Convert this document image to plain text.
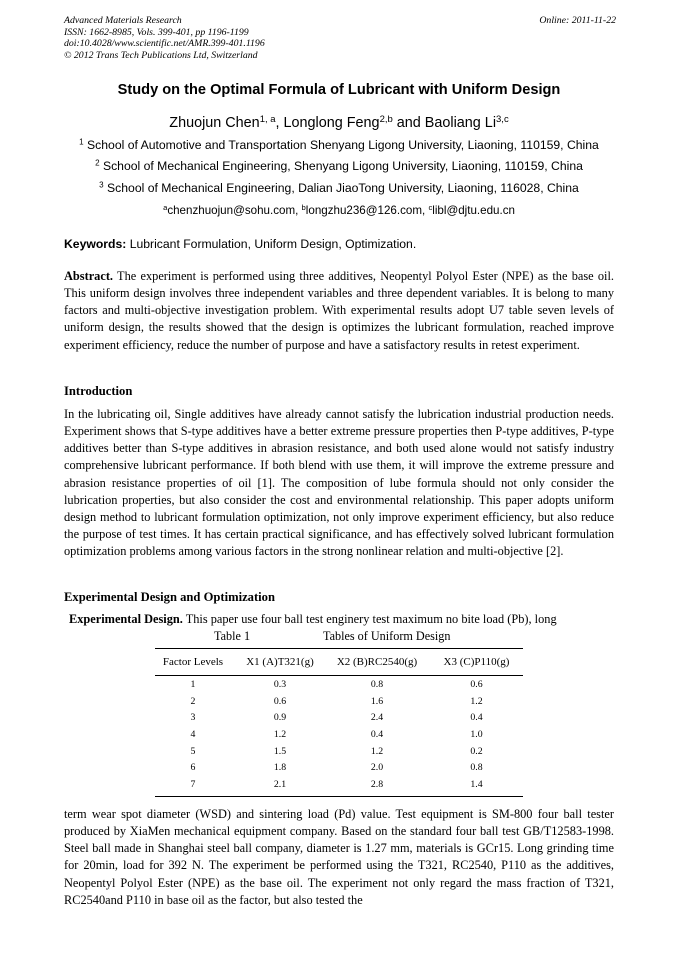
Advanced Materials Research
ISSN: 1662-8985, Vols. 399-401, pp 1196-1199
doi:10.4028/www.scientific.net/AMR.399-401.1196
© 2012 Trans Tech Publications Ltd, Switzerland
Online: 2011-11-22
Study on the Optimal Formula of Lubricant with Uniform Design
Zhuojun Chen$^{1, a}$, Longlong Feng$^{2,b}$ and Baoliang Li$^{3,c}$
$^1$ School of Automotive and Transportation Shenyang Ligong University, Liaoning, 110159, China
$^2$ School of Mechanical Engineering, Shenyang Ligong University, Liaoning, 110159, China
$^3$ School of Mechanical Engineering, Dalian JiaoTong University, Liaoning, 116028, China
$^a$chenzhuojun@sohu.com, $^b$longzhu236@126.com, $^c$libl@djtu.edu.cn
Keywords: Lubricant Formulation, Uniform Design, Optimization.
Abstract. The experiment is performed using three additives, Neopentyl Polyol Ester (NPE) as the base oil. This uniform design involves three independent variables and three dependent variables. It is belong to many factors and multi-objective investigation problem. With experimental results adopt U7 table seven levels of uniform design, the results showed that the design is optimizes the lubricant formulation, reached improve experiment efficiency, reduce the number of purpose and have a satisfactory results in retest experiment.
Introduction
In the lubricating oil, Single additives have already cannot satisfy the lubrication industrial production needs. Experiment shows that S-type additives have a better extreme pressure properties then P-type additives, P-type additives better than S-type additives in abrasion resistance, and both used alone would not satisfy industry comprehensive lubricant performance. If both blend with use them, it will improve the extreme pressure and abrasion resistance properties of oil [1]. The composition of lube formula should not only consider the lubrication properties, but also consider the cost and environmental relationship. This paper adopts uniform design method to lubricant formulation optimization, not only improve experiment efficiency, but also reduce the purpose of test times. It has certain practical significance, and has effectively solved lubricant formulation optimization problems among various factors in the strong nonlinear relation and multi-objective [2].
Experimental Design and Optimization
Experimental Design. This paper use four ball test enginery test maximum no bite load (Pb), long
Table 1	Tables of Uniform Design
Factor Levels	X1 (A)T321(g)	X2 (B)RC2540(g)	X3 (C)P110(g)
1	0.3	0.8	0.6
2	0.6	1.6	1.2
3	0.9	2.4	0.4
4	1.2	0.4	1.0
5	1.5	1.2	0.2
6	1.8	2.0	0.8
7	2.1	2.8	1.4
term wear spot diameter (WSD) and sintering load (Pd) value. Test equipment is SM-800 four ball tester produced by XiaMen mechanical equipment company. Based on the standard four ball test GB/T12583-1998. Steel ball made in Shanghai steel ball company, diameter is 1.27 mm, materials is GCr15. Long grinding time for 20min, load for 392 N. The experiment be performed using the T321, RC2540, P110 as the additives, Neopentyl Polyol Ester (NPE) as the base oil. The experiment not only regard the mass fraction of T321, RC2540and P110 in base oil as the factor, but also tested the
